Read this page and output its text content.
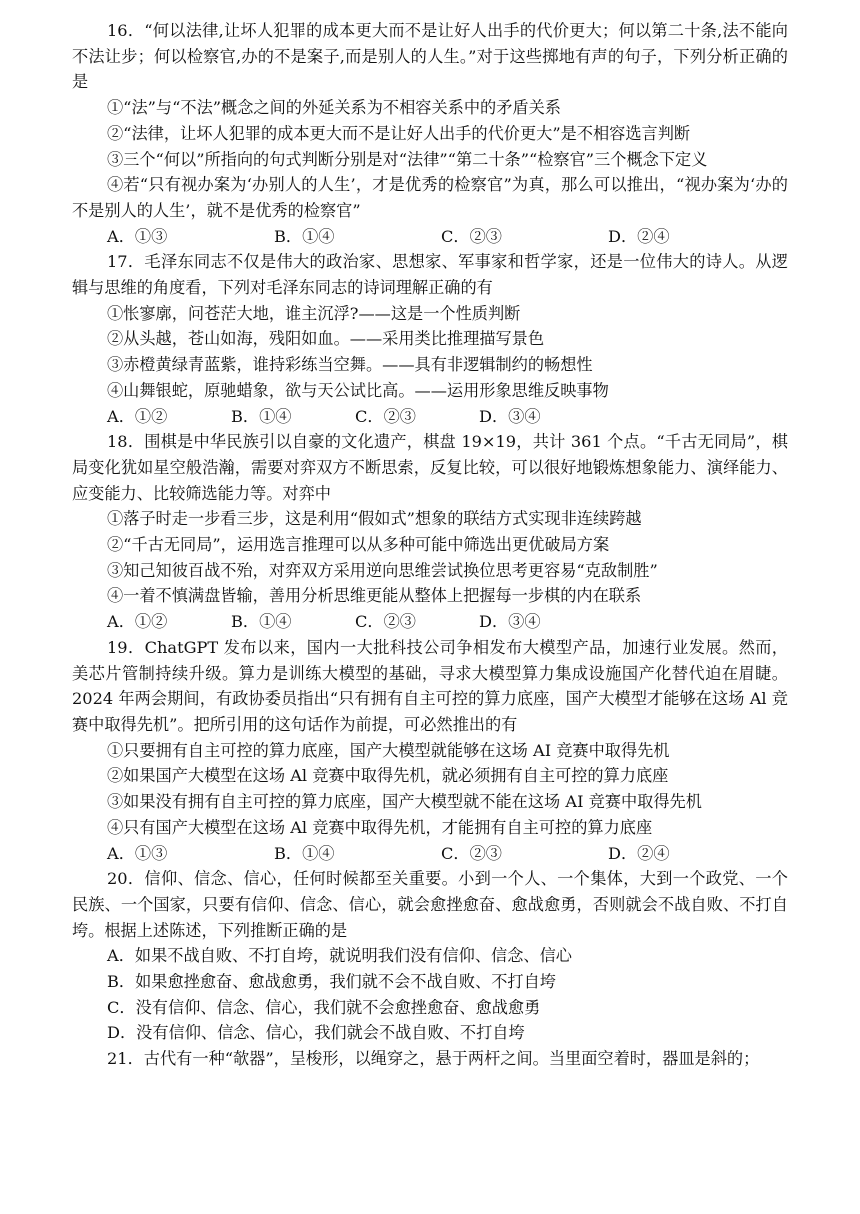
16．“何以法律,让坏人犯罪的成本更大而不是让好人出手的代价更大；何以第二十条,法不能向不法让步；何以检察官,办的不是案子,而是别人的人生。”对于这些掷地有声的句子，下列分析正确的是

①“法”与“不法”概念之间的外延关系为不相容关系中的矛盾关系

②“法律，让坏人犯罪的成本更大而不是让好人出手的代价更大”是不相容选言判断

③三个“何以”所指向的句式判断分别是对“法律”“第二十条”“检察官”三个概念下定义

④若“只有视办案为‘办别人的人生’，才是优秀的检察官”为真，那么可以推出，“视办案为‘办的不是别人的人生’，就不是优秀的检察官”

A．①③	B．①④	C．②③	D．②④

17．毛泽东同志不仅是伟大的政治家、思想家、军事家和哲学家，还是一位伟大的诗人。从逻辑与思维的角度看，下列对毛泽东同志的诗词理解正确的有

①怅寥廓，问苍茫大地，谁主沉浮?——这是一个性质判断

②从头越，苍山如海，残阳如血。——采用类比推理描写景色

③赤橙黄绿青蓝紫，谁持彩练当空舞。——具有非逻辑制约的畅想性

④山舞银蛇，原驰蜡象，欲与天公试比高。——运用形象思维反映事物

A．①②	B．①④	C．②③	D．③④

18．围棋是中华民族引以自豪的文化遗产，棋盘 19×19，共计 361 个点。“千古无同局”，棋局变化犹如星空般浩瀚，需要对弈双方不断思索，反复比较，可以很好地锻炼想象能力、演绎能力、应变能力、比较筛选能力等。对弈中

①落子时走一步看三步，这是利用“假如式”想象的联结方式实现非连续跨越

②“千古无同局”，运用选言推理可以从多种可能中筛选出更优破局方案

③知己知彼百战不殆，对弈双方采用逆向思维尝试换位思考更容易“克敌制胜”

④一着不慎满盘皆输，善用分析思维更能从整体上把握每一步棋的内在联系

A．①②	B．①④	C．②③	D．③④

19．ChatGPT 发布以来，国内一大批科技公司争相发布大模型产品，加速行业发展。然而，美芯片管制持续升级。算力是训练大模型的基础，寻求大模型算力集成设施国产化替代迫在眉睫。2024 年两会期间，有政协委员指出“只有拥有自主可控的算力底座，国产大模型才能够在这场 Al 竞赛中取得先机”。把所引用的这句话作为前提，可必然推出的有

①只要拥有自主可控的算力底座，国产大模型就能够在这场 AI 竞赛中取得先机

②如果国产大模型在这场 Al 竞赛中取得先机，就必须拥有自主可控的算力底座

③如果没有拥有自主可控的算力底座，国产大模型就不能在这场 AI 竞赛中取得先机

④只有国产大模型在这场 Al 竞赛中取得先机，才能拥有自主可控的算力底座

A．①③	B．①④	C．②③	D．②④

20．信仰、信念、信心，任何时候都至关重要。小到一个人、一个集体，大到一个政党、一个民族、一个国家，只要有信仰、信念、信心，就会愈挫愈奋、愈战愈勇，否则就会不战自败、不打自垮。根据上述陈述，下列推断正确的是

A．如果不战自败、不打自垮，就说明我们没有信仰、信念、信心

B．如果愈挫愈奋、愈战愈勇，我们就不会不战自败、不打自垮

C．没有信仰、信念、信心，我们就不会愈挫愈奋、愈战愈勇

D．没有信仰、信念、信心，我们就会不战自败、不打自垮

21．古代有一种“欹器”，呈梭形，以绳穿之，悬于两杆之间。当里面空着时，器皿是斜的；
